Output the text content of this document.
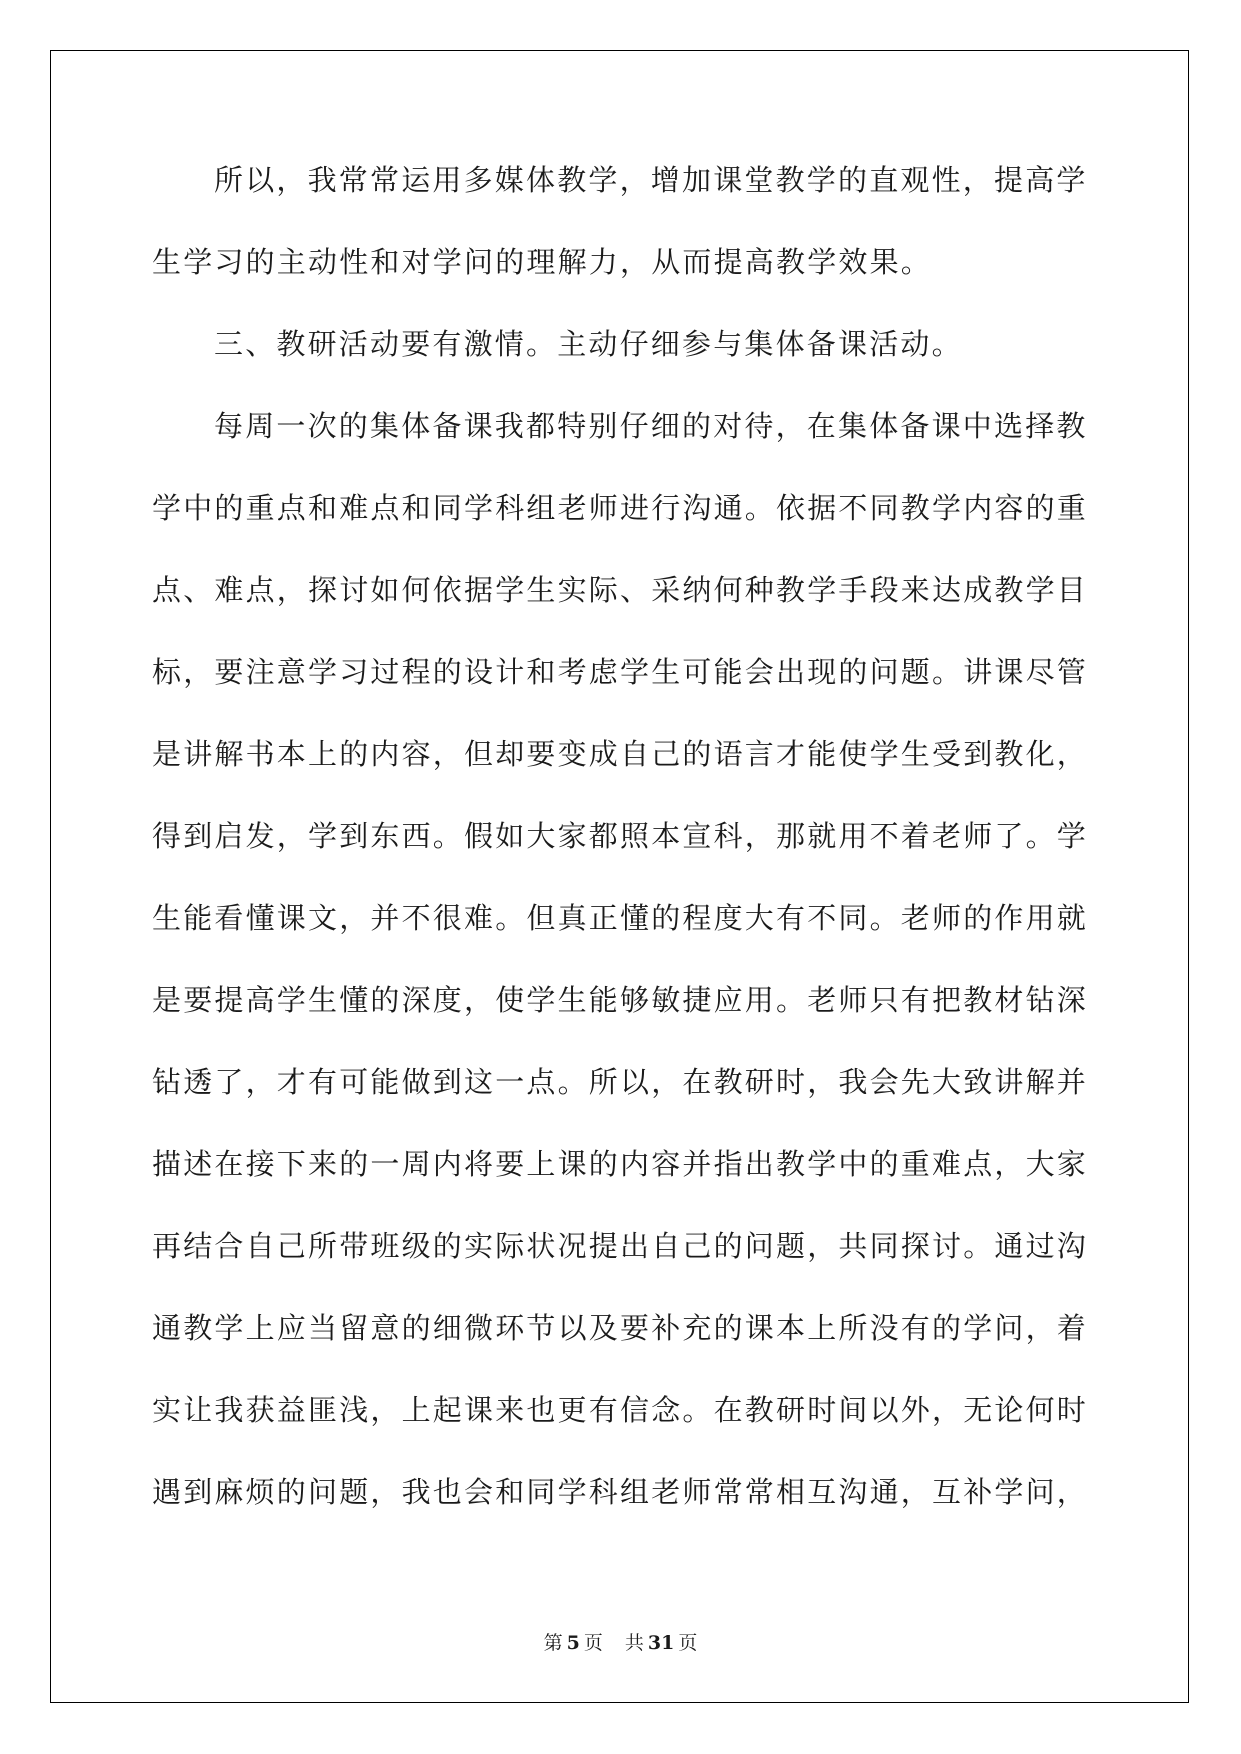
所以，我常常运用多媒体教学，增加课堂教学的直观性，提高学
生学习的主动性和对学问的理解力，从而提高教学效果。
三、教研活动要有激情。主动仔细参与集体备课活动。
每周一次的集体备课我都特别仔细的对待，在集体备课中选择教
学中的重点和难点和同学科组老师进行沟通。依据不同教学内容的重
点、难点，探讨如何依据学生实际、采纳何种教学手段来达成教学目
标，要注意学习过程的设计和考虑学生可能会出现的问题。讲课尽管
是讲解书本上的内容，但却要变成自己的语言才能使学生受到教化，
得到启发，学到东西。假如大家都照本宣科，那就用不着老师了。学
生能看懂课文，并不很难。但真正懂的程度大有不同。老师的作用就
是要提高学生懂的深度，使学生能够敏捷应用。老师只有把教材钻深
钻透了，才有可能做到这一点。所以，在教研时，我会先大致讲解并
描述在接下来的一周内将要上课的内容并指出教学中的重难点，大家
再结合自己所带班级的实际状况提出自己的问题，共同探讨。通过沟
通教学上应当留意的细微环节以及要补充的课本上所没有的学问，着
实让我获益匪浅，上起课来也更有信念。在教研时间以外，无论何时
遇到麻烦的问题，我也会和同学科组老师常常相互沟通，互补学问，
第 5 页 共 31 页
